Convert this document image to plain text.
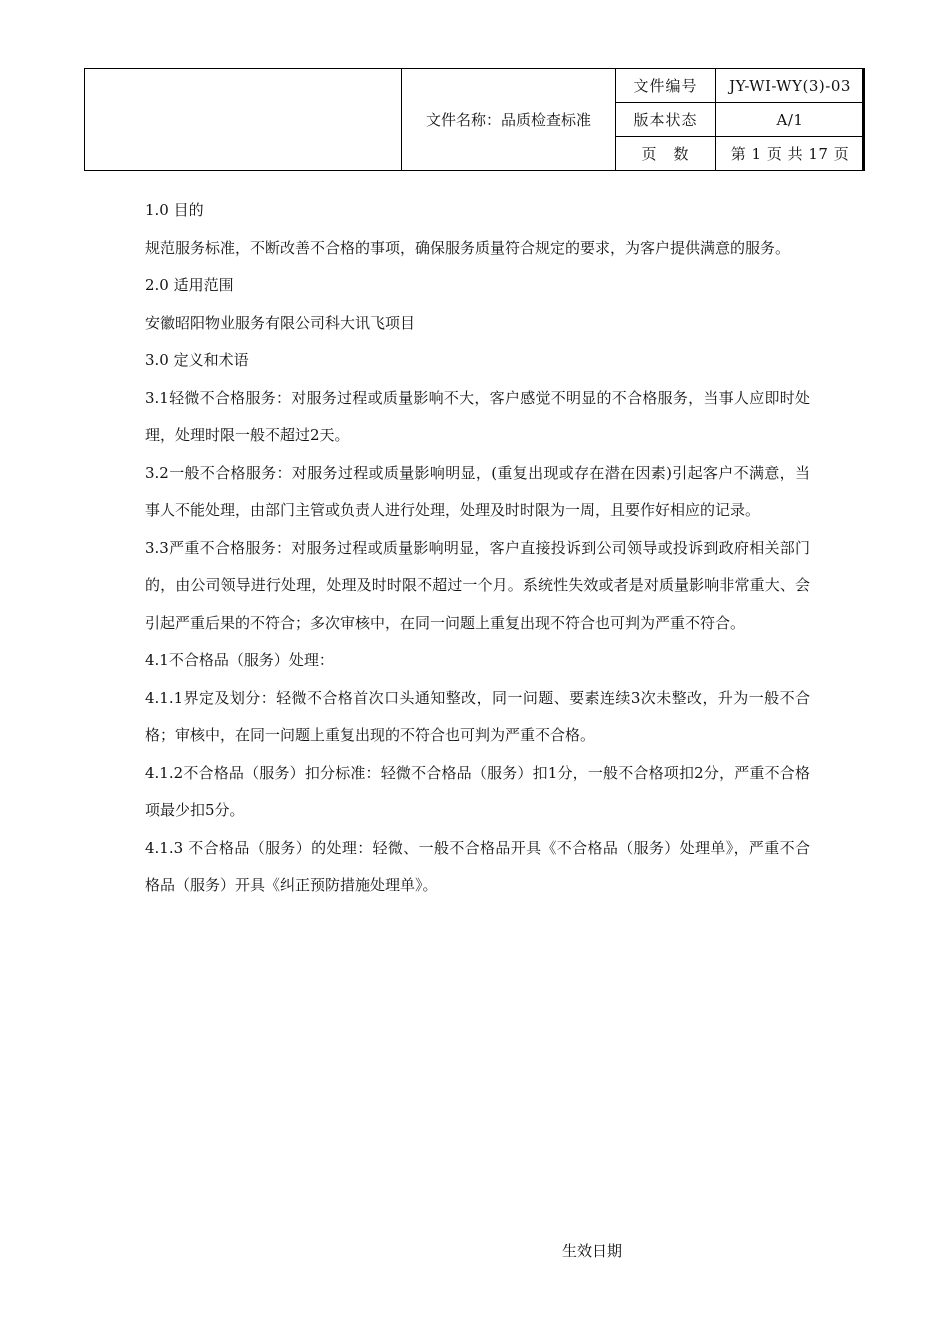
	文件名称：品质检查标准	文件编号	JY-WI-WY(3)-03
		版本状态	A/1
		页　数	第 1 页 共 17 页

1.0 目的

规范服务标准，不断改善不合格的事项，确保服务质量符合规定的要求，为客户提供满意的服务。

2.0 适用范围

安徽昭阳物业服务有限公司科大讯飞项目

3.0 定义和术语

3.1轻微不合格服务：对服务过程或质量影响不大，客户感觉不明显的不合格服务，当事人应即时处理，处理时限一般不超过2天。

3.2一般不合格服务：对服务过程或质量影响明显，(重复出现或存在潜在因素)引起客户不满意，当事人不能处理，由部门主管或负责人进行处理，处理及时时限为一周，且要作好相应的记录。

3.3严重不合格服务：对服务过程或质量影响明显，客户直接投诉到公司领导或投诉到政府相关部门的，由公司领导进行处理，处理及时时限不超过一个月。系统性失效或者是对质量影响非常重大、会引起严重后果的不符合；多次审核中，在同一问题上重复出现不符合也可判为严重不符合。

4.1不合格品（服务）处理：

4.1.1界定及划分：轻微不合格首次口头通知整改，同一问题、要素连续3次未整改，升为一般不合格；审核中，在同一问题上重复出现的不符合也可判为严重不合格。

4.1.2不合格品（服务）扣分标准：轻微不合格品（服务）扣1分，一般不合格项扣2分，严重不合格项最少扣5分。

4.1.3 不合格品（服务）的处理：轻微、一般不合格品开具《不合格品（服务）处理单》，严重不合格品（服务）开具《纠正预防措施处理单》。

生效日期
